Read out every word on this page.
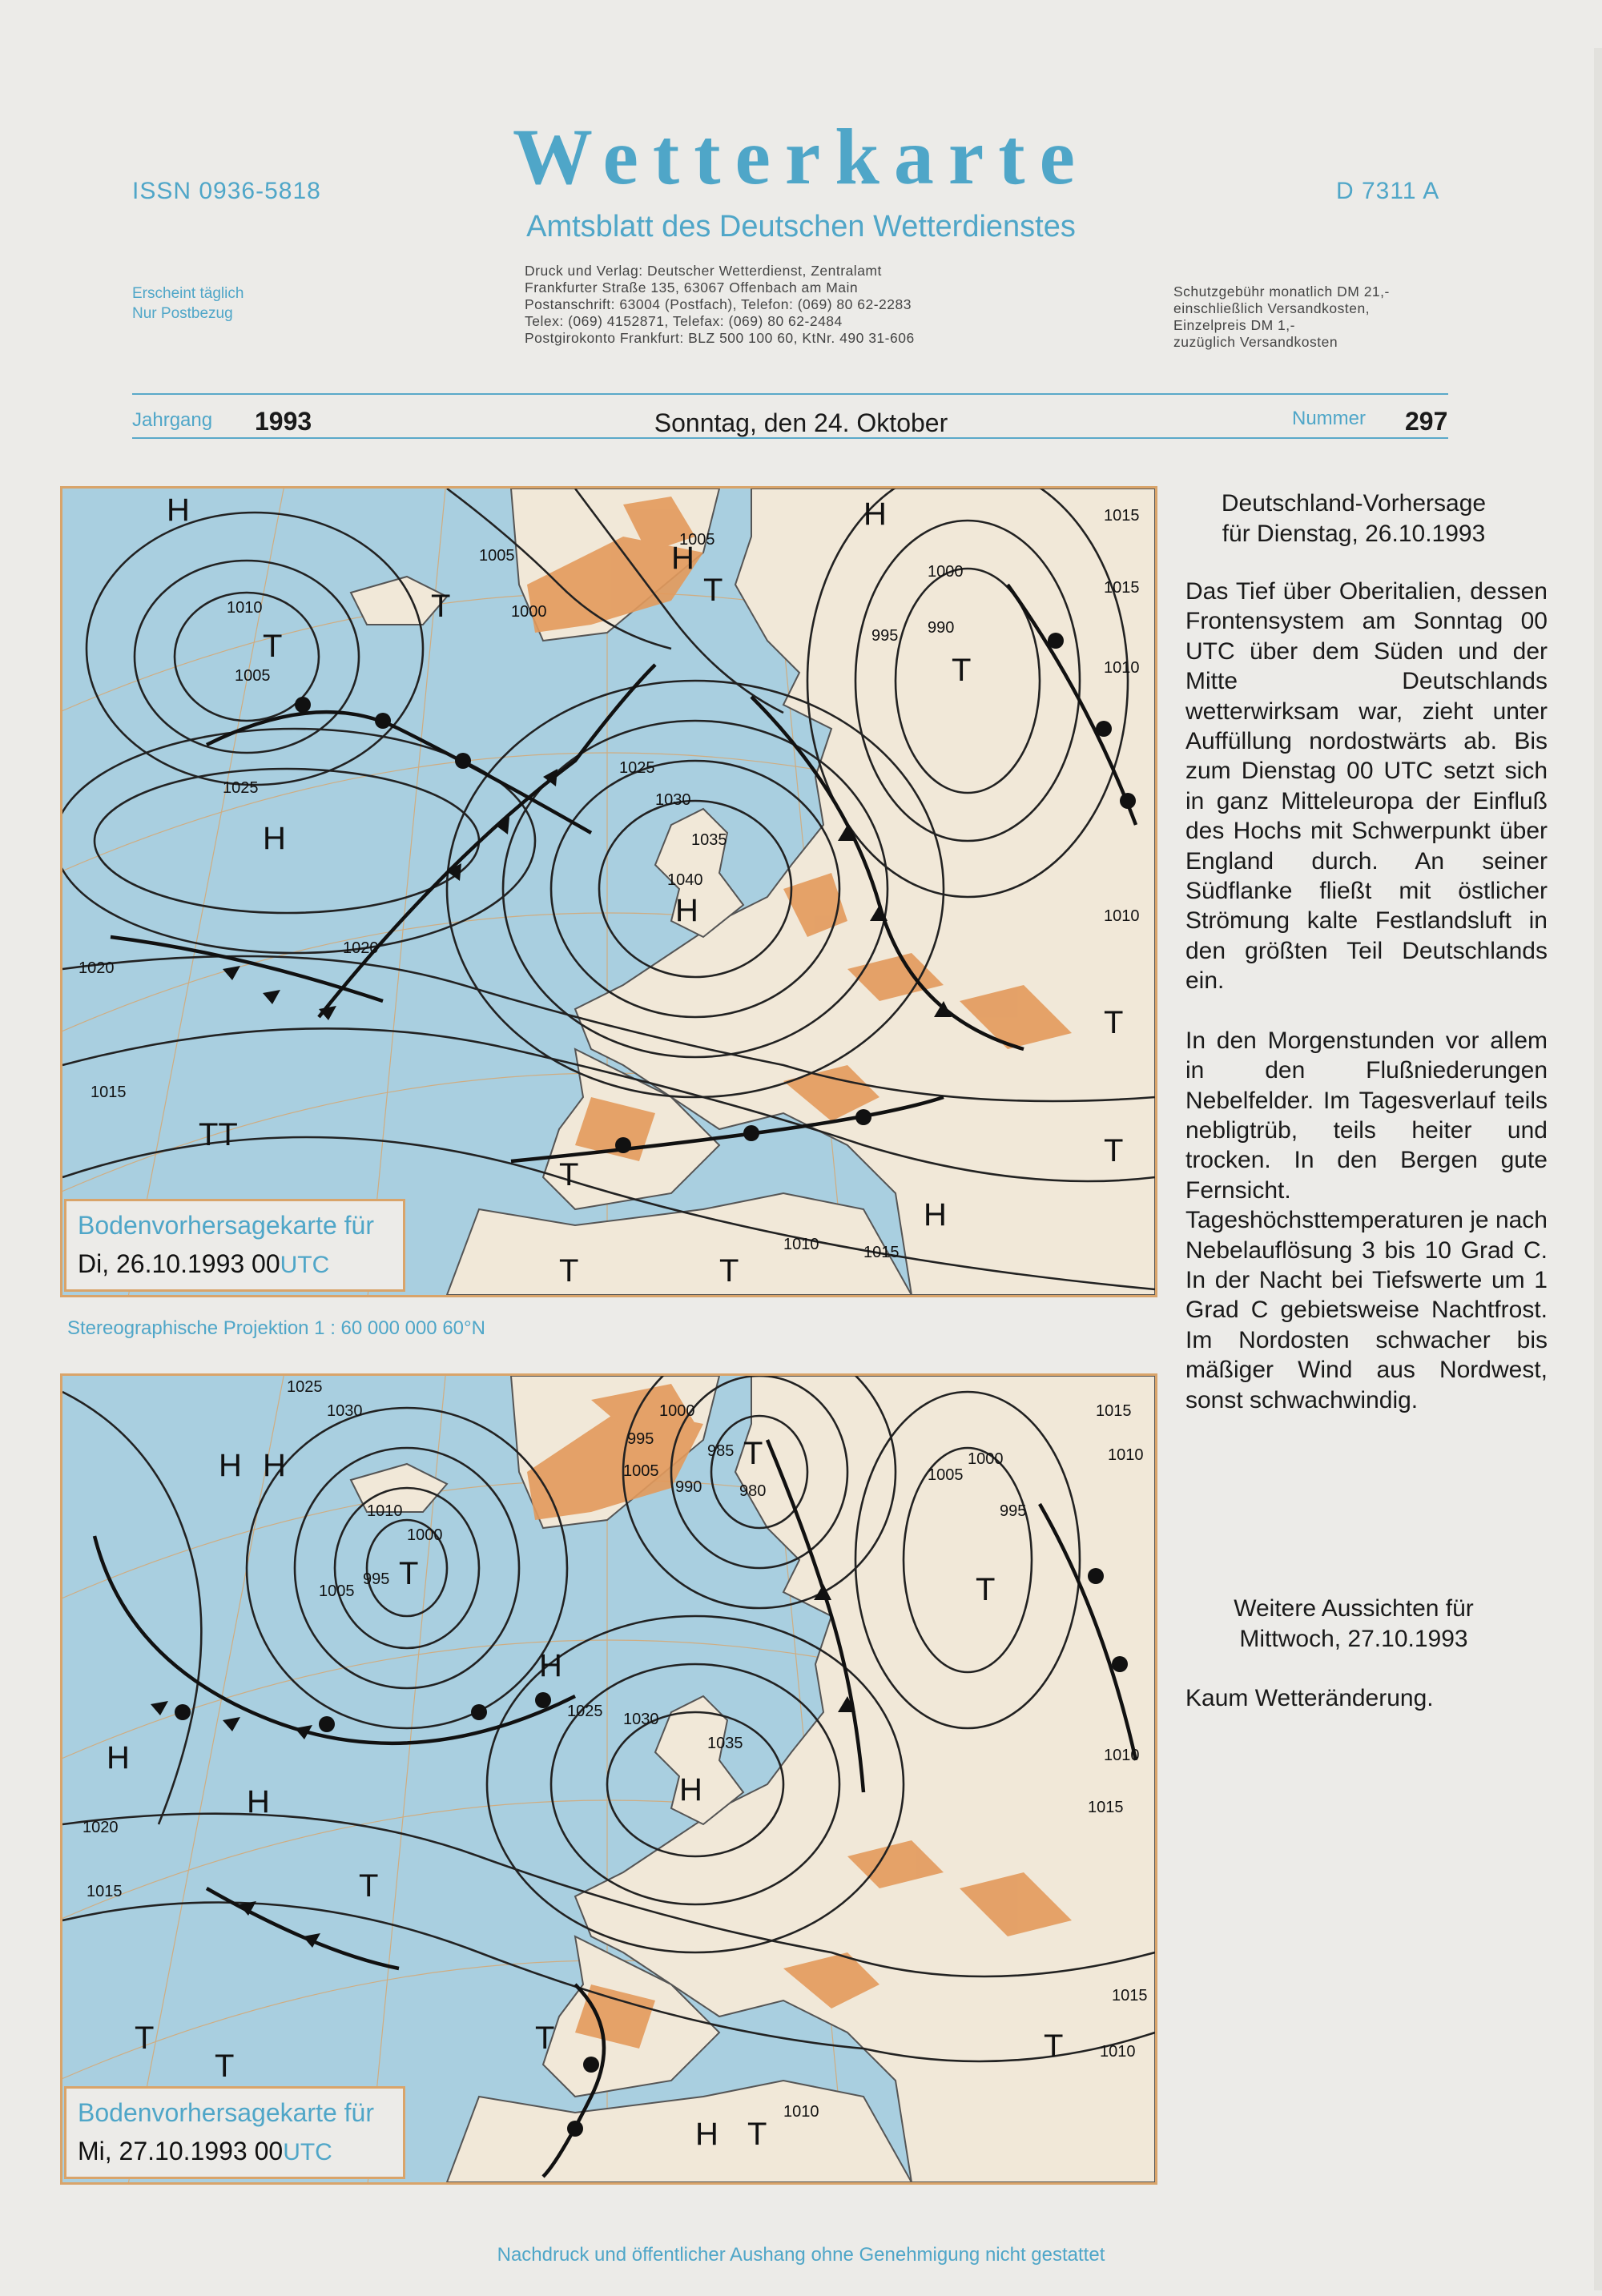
ISSN 0936-5818	Wetterkarte
Amtsblatt des Deutschen Wetterdienstes
D 7311 A
Erscheint täglich
Nur Postbezug
Druck und Verlag: Deutscher Wetterdienst, Zentralamt
Frankfurter Straße 135, 63067 Offenbach am Main
Postanschrift: 63004 (Postfach), Telefon: (069) 80 62-2283
Telex: (069) 4152871, Telefax: (069) 80 62-2484
Postgirokonto Frankfurt: BLZ 500 100 60, KtNr. 490 31-606
Schutzgebühr monatlich DM 21,-
einschließlich Versandkosten,
Einzelpreis DM 1,-
zuzüglich Versandkosten
Jahrgang 1993	Sonntag, den 24. Oktober	Nummer 297
H
H
H
H
H
H
T
T	T
T
T
T
T
T	T
TT
1005
1005
1010	1000
1005
1000
995 990
1015
1015
1010
1025
1030
1035
1040
1025
1020
1020
1015
1010
1010	1015
Bodenvorhersagekarte für
Di, 26.10.1993 00UTC
Stereographische Projektion 1 : 60 000 000 60°N
H H
H
H
H	H
H
T
T
T
T
T
T
T
T
T
1025
1030
1010
1000
1005
995
1005
995
1000
990
985
980
1005
1000
995
1015
1010
1025 1030
1035
1020
1015
1010
1015
1015
1010
1010
Bodenvorhersagekarte für
Mi, 27.10.1993 00UTC
Deutschland-Vorhersage
für Dienstag, 26.10.1993

Das Tief über Oberitalien, dessen Frontensystem am Sonntag 00 UTC über dem Süden und der Mitte Deutschlands wetterwirksam war, zieht unter Auffüllung nordostwärts ab. Bis zum Dienstag 00 UTC setzt sich in ganz Mitteleuropa der Einfluß des Hochs mit Schwerpunkt über England durch. An seiner Südflanke fließt mit östlicher Strömung kalte Festlandsluft in den größten Teil Deutschlands ein.

In den Morgenstunden vor allem in den Flußniederungen Nebelfelder. Im Tagesverlauf teils nebligtrüb, teils heiter und trocken. In den Bergen gute Fernsicht. Tageshöchsttemperaturen je nach Nebelauflösung 3 bis 10 Grad C. In der Nacht bei Tiefswerte um 1 Grad C gebietsweise Nachtfrost. Im Nordosten schwacher bis mäßiger Wind aus Nordwest, sonst schwachwindig.

Weitere Aussichten für
Mittwoch, 27.10.1993
Kaum Wetteränderung.
Nachdruck und öffentlicher Aushang ohne Genehmigung nicht gestattet
